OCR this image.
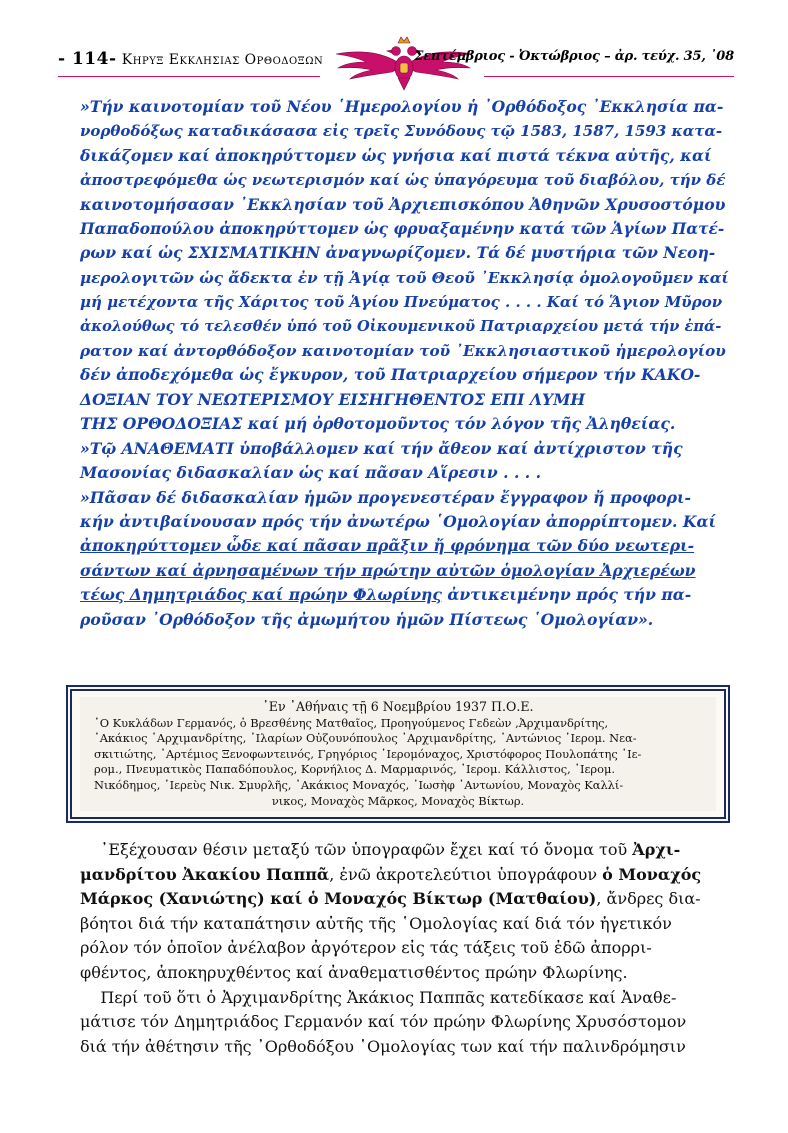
- 114- Κηρυξ Εκκλησιασ Ορθοδοξων	Σεπτέμβριος - Ὀκτώβριος – ἀρ. τεύχ. 35, ᾽08

»Τήν καινοτομίαν τοῦ Νέου ῾Ημερολογίου ἡ ᾽Ορθόδοξος ᾽Εκκλησία πα-
νορθοδόξως καταδικάσασα εἰς τρεῖς Συνόδους τῷ 1583, 1587, 1593 κατα-
δικάζομεν καί ἀποκηρύττομεν ὡς γνήσια καί πιστά τέκνα αὐτῆς, καί
ἀποστρεφόμεθα ὡς νεωτερισμόν καί ὡς ὑπαγόρευμα τοῦ διαβόλου, τήν δέ
καινοτομήσασαν ᾽Εκκλησίαν τοῦ Ἀρχιεπισκόπου Ἀθηνῶν Χρυσοστόμου
Παπαδοπούλου ἀποκηρύττομεν ὡς φρυαξαμένην κατά τῶν Ἁγίων Πατέ-
ρων καί ὡς ΣΧΙΣΜΑΤΙΚΗΝ ἀναγνωρίζομεν. Τά δέ μυστήρια τῶν Νεοη-
μερολογιτῶν ὡς ἄδεκτα ἐν τῇ Ἁγίᾳ τοῦ Θεοῦ ᾽Εκκλησίᾳ ὁμολογοῦμεν καί
μή μετέχοντα τῆς Χάριτος τοῦ Ἁγίου Πνεύματος . . . . Καί τό Ἅγιον Μῦρον
ἀκολούθως τό τελεσθέν ὑπό τοῦ Οἰκουμενικοῦ Πατριαρχείου μετά τήν ἐπά-
ρατον καί ἀντορθόδοξον καινοτομίαν τοῦ ᾽Εκκλησιαστικοῦ ἡμερολογίου
δέν ἀποδεχόμεθα ὡς ἔγκυρον, τοῦ Πατριαρχείου σήμερον τήν ΚΑΚΟ-
ΔΟΞΙΑΝ ΤΟΥ ΝΕΩΤΕΡΙΣΜΟΥ ΕΙΣΗΓΗΘΕΝΤΟΣ ΕΠΙ ΛΥΜΗ
ΤΗΣ ΟΡΘΟΔΟΞΙΑΣ καί μή ὀρθοτομοῦντος τόν λόγον τῆς Ἀληθείας.

»Τῷ ΑΝΑΘΕΜΑΤΙ ὑποβάλλομεν καί τήν ἄθεον καί ἀντίχριστον τῆς
Μασονίας διδασκαλίαν ὡς καί πᾶσαν Αἵρεσιν . . . .

»Πᾶσαν δέ διδασκαλίαν ἡμῶν προγενεστέραν ἔγγραφον ἤ προφορι-
κήν ἀντιβαίνουσαν πρός τήν ἀνωτέρω ῾Ομολογίαν ἀπορρίπτομεν. Καί
ἀποκηρύττομεν ὧδε καί πᾶσαν πρᾶξιν ἤ φρόνημα τῶν δύο νεωτερι-
σάντων καί ἀρνησαμένων τήν πρώτην αὐτῶν ὁμολογίαν Ἀρχιερέων
τέως Δημητριάδος καί πρώην Φλωρίνης ἀντικειμένην πρός τήν πα-
ροῦσαν ᾽Ορθόδοξον τῆς ἀμωμήτου ἡμῶν Πίστεως ῾Ομολογίαν».

᾽Εν ᾽Αθήναις τῇ 6 Νοεμβρίου 1937 Π.Ο.Ε.
῾Ο Κυκλάδων Γερμανός, ὁ Βρεσθένης Ματθαῖος, Προηγούμενος Γεδεὼν ,Ἀρχιμανδρίτης,
᾽Ακάκιος ᾽Αρχιμανδρίτης, ᾽Ιλαρίων Οὐζουνόπουλος ᾽Αρχιμανδρίτης, ᾽Αντώνιος ῾Ιερομ. Νεα-
σκιτιώτης, ᾽Αρτέμιος Ξενοφωντεινός, Γρηγόριος ῾Ιερομόναχος, Χριστόφορος Πουλοπάτης ῾Ιε-
ρομ., Πνευματικὸς Παπαδόπουλος, Κορνήλιος Δ. Μαρμαρινός, ῾Ιερομ. Κάλλιστος, ῾Ιερομ.
Νικόδημος, ῾Ιερεὺς Νικ. Σμυρλῆς, ᾽Ακάκιος Μοναχός, ᾽Ιωσὴφ ᾽Αντωνίου, Μοναχὸς Καλλί-
νικος, Μοναχὸς Μᾶρκος, Μοναχὸς Βίκτωρ.
᾽Εξέχουσαν θέσιν μεταξύ τῶν ὑπογραφῶν ἔχει καί τό ὄνομα τοῦ Ἀρχι-
μανδρίτου Ἀκακίου Παππᾶ, ἐνῶ ἀκροτελεύτιοι ὑπογράφουν ὁ Μοναχός
Μάρκος (Χανιώτης) καί ὁ Μοναχός Βίκτωρ (Ματθαίου), ἄνδρες δια-
βόητοι διά τήν καταπάτησιν αὐτῆς τῆς ῾Ομολογίας καί διά τόν ἡγετικόν
ρόλον τόν ὁποῖον ἀνέλαβον ἀργότερον εἰς τάς τάξεις τοῦ ἐδῶ ἀπορρι-
φθέντος, ἀποκηρυχθέντος καί ἀναθεματισθέντος πρώην Φλωρίνης.
Περί τοῦ ὅτι ὁ Ἀρχιμανδρίτης Ἀκάκιος Παππᾶς κατεδίκασε καί Ἀναθε-
μάτισε τόν Δημητριάδος Γερμανόν καί τόν πρώην Φλωρίνης Χρυσόστομον
διά τήν ἀθέτησιν τῆς ᾽Ορθοδόξου ῾Ομολογίας των καί τήν παλινδρόμησιν
